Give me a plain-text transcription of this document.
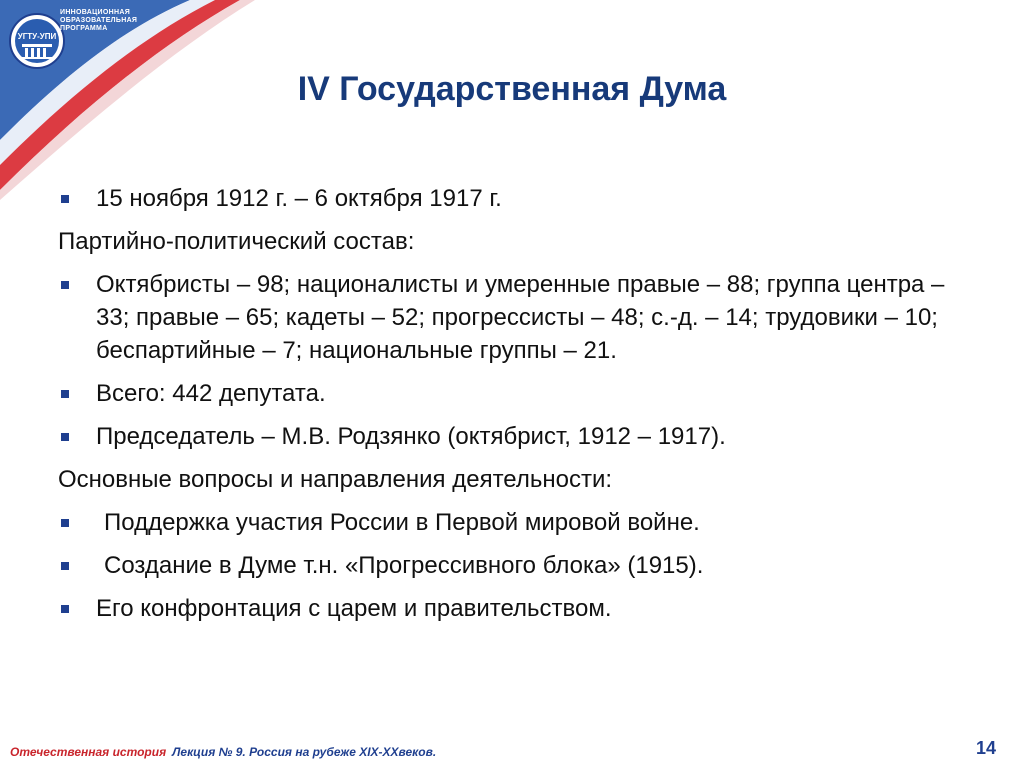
УГТУ-УПИ
ИННОВАЦИОННАЯ
ОБРАЗОВАТЕЛЬНАЯ
ПРОГРАММА
IV Государственная Дума
15 ноября 1912 г. – 6 октября 1917 г.
Партийно-политический состав:
Октябристы – 98; националисты и умеренные правые – 88; группа центра – 33; правые – 65; кадеты – 52; прогрессисты – 48; с.-д. – 14; трудовики – 10; беспартийные – 7; национальные группы – 21.
Всего: 442 депутата.
Председатель – М.В. Родзянко (октябрист, 1912 – 1917).
Основные вопросы и направления деятельности:
Поддержка участия России в Первой мировой войне.
Создание в Думе т.н. «Прогрессивного блока» (1915).
Его конфронтация с царем и правительством.
Отечественная история Лекция № 9. Россия на рубеже XIX-XXвеков.	14
